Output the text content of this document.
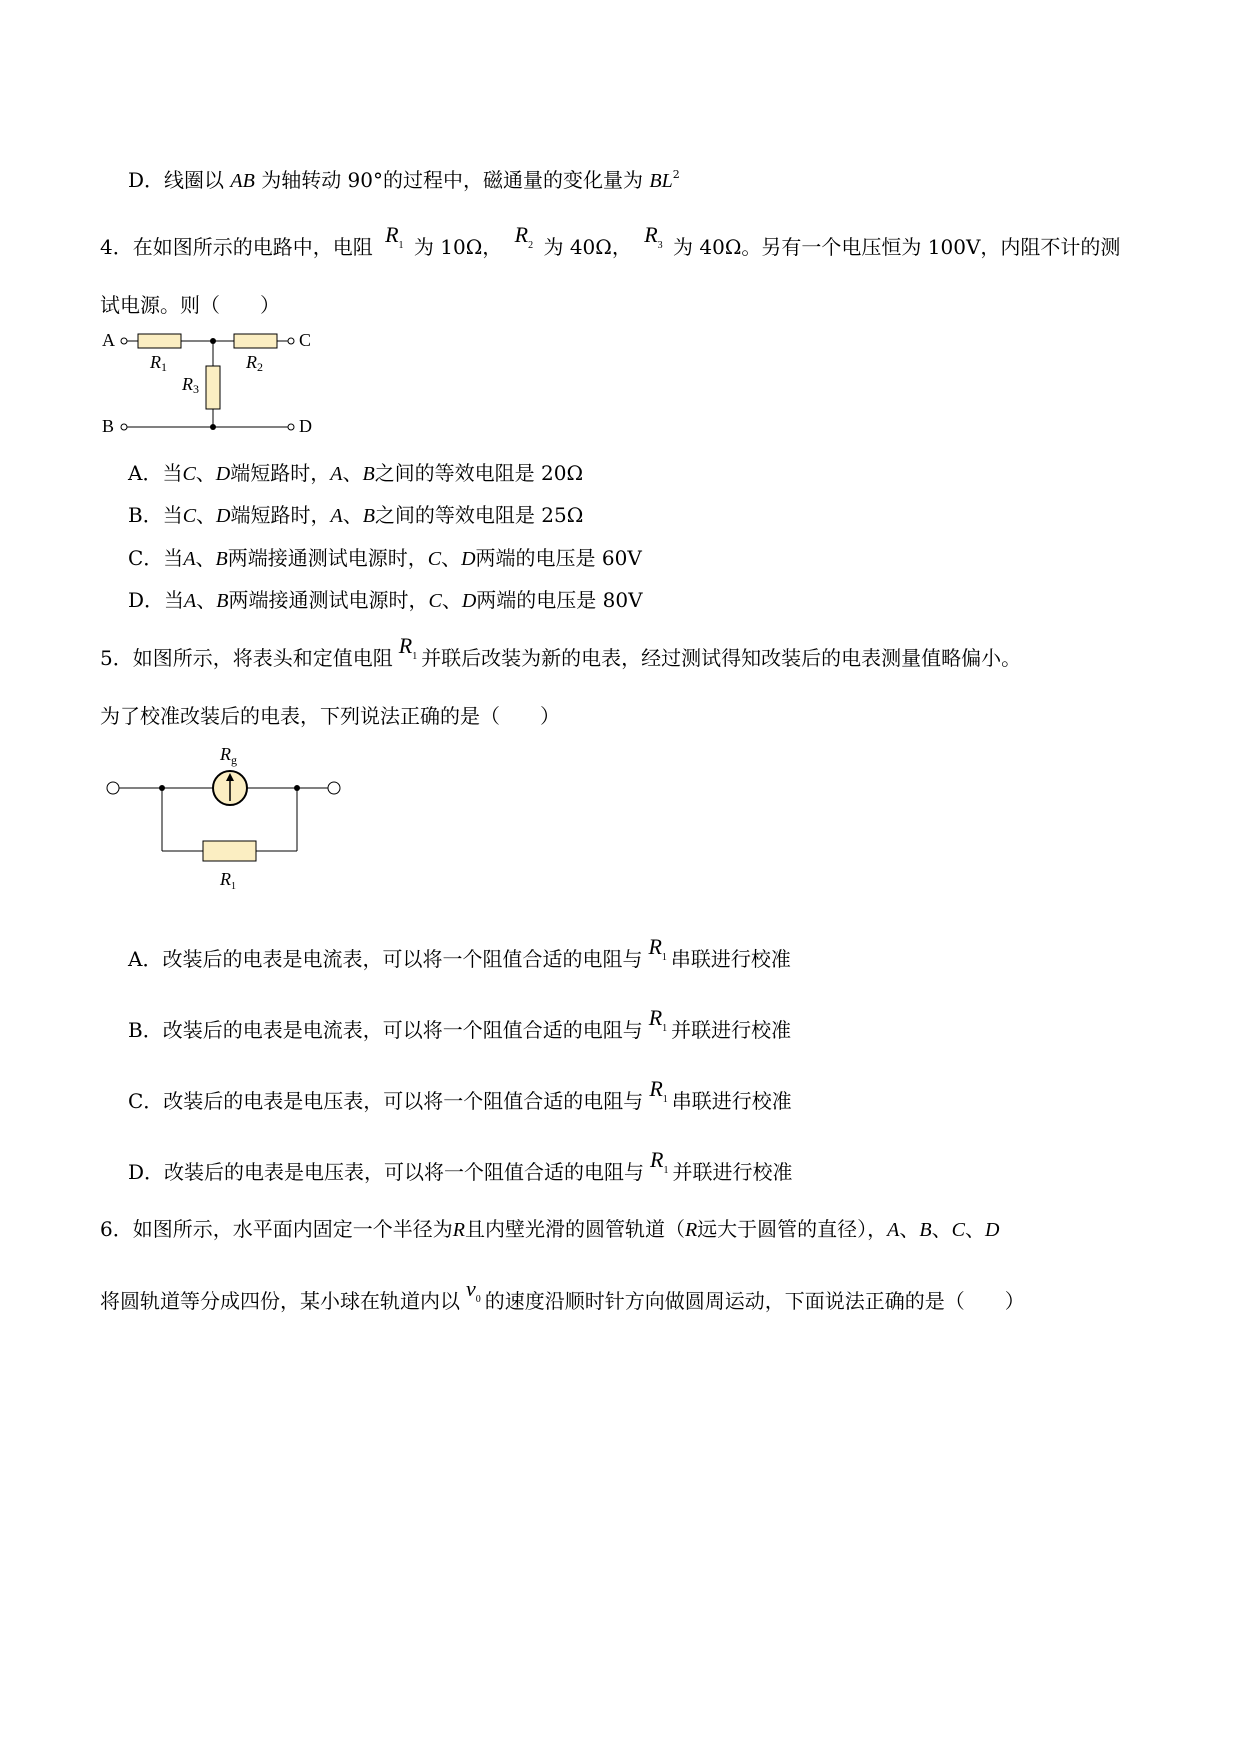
D．线圈以 AB 为轴转动 90°的过程中，磁通量的变化量为 $BL^2$
4．在如图所示的电路中，电阻 $R_1$ 为 10Ω， $R_2$ 为 40Ω， $R_3$ 为 40Ω。另有一个电压恒为 100V，内阻不计的测
试电源。则（　　）
A	C
B	D
R1	R2
R3
A．当C、D端短路时，A、B之间的等效电阻是 20Ω
B．当C、D端短路时，A、B之间的等效电阻是 25Ω
C．当A、B两端接通测试电源时，C、D两端的电压是 60V
D．当A、B两端接通测试电源时，C、D两端的电压是 80V
5．如图所示，将表头和定值电阻 $R_1$ 并联后改装为新的电表，经过测试得知改装后的电表测量值略偏小。
为了校准改装后的电表，下列说法正确的是（　　）
$R_g$
$R_1$
A．改装后的电表是电流表，可以将一个阻值合适的电阻与 $R_1$ 串联进行校准
B．改装后的电表是电流表，可以将一个阻值合适的电阻与 $R_1$ 并联进行校准
C．改装后的电表是电压表，可以将一个阻值合适的电阻与 $R_1$ 串联进行校准
D．改装后的电表是电压表，可以将一个阻值合适的电阻与 $R_1$ 并联进行校准
6．如图所示，水平面内固定一个半径为R且内壁光滑的圆管轨道（R远大于圆管的直径），A、B、C、D
将圆轨道等分成四份，某小球在轨道内以 $v_0$ 的速度沿顺时针方向做圆周运动，下面说法正确的是（　　）
